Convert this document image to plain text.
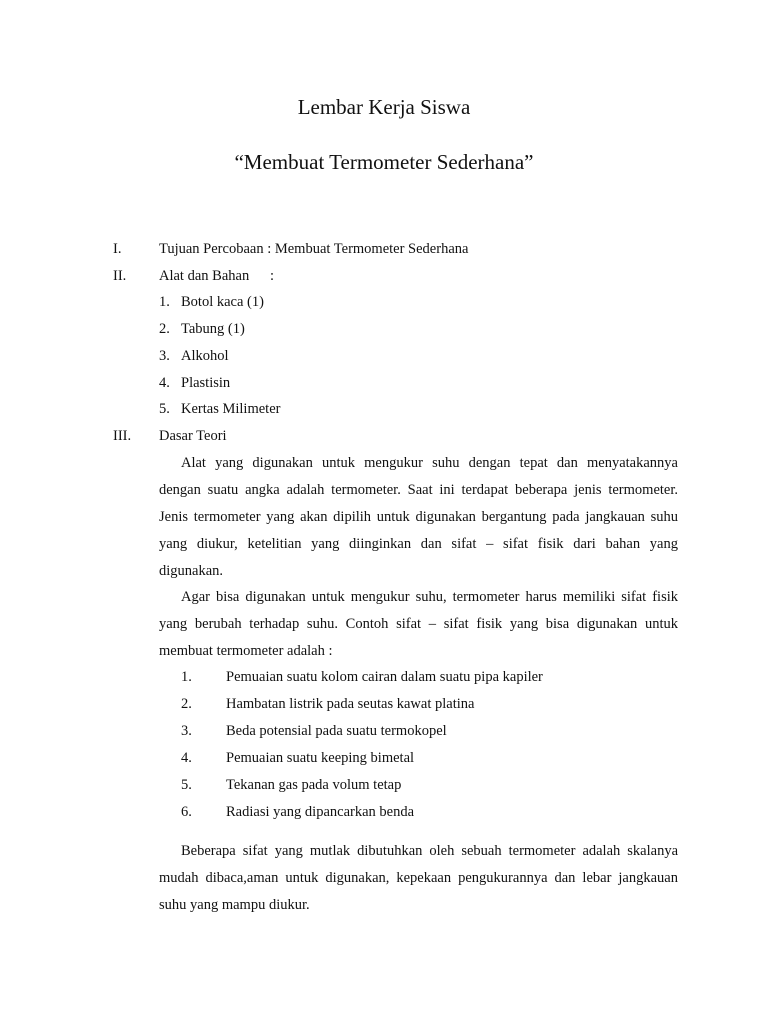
Lembar Kerja Siswa
“Membuat Termometer Sederhana”
I.	Tujuan Percobaan : Membuat Termometer Sederhana
II. Alat dan Bahan :
1. Botol kaca (1)
2. Tabung (1)
3. Alkohol
4. Plastisin
5. Kertas Milimeter
III. Dasar Teori
Alat yang digunakan untuk mengukur suhu dengan tepat dan menyatakannya
dengan suatu angka adalah termometer. Saat ini terdapat beberapa jenis termometer.
Jenis termometer yang akan dipilih untuk digunakan bergantung pada jangkauan suhu
yang diukur, ketelitian yang diinginkan dan sifat – sifat fisik dari bahan yang
digunakan.
Agar bisa digunakan untuk mengukur suhu, termometer harus memiliki sifat fisik
yang berubah terhadap suhu. Contoh sifat – sifat fisik yang bisa digunakan untuk
membuat termometer adalah :
1. Pemuaian suatu kolom cairan dalam suatu pipa kapiler
2. Hambatan listrik pada seutas kawat platina
3. Beda potensial pada suatu termokopel
4. Pemuaian suatu keeping bimetal
5. Tekanan gas pada volum tetap
6. Radiasi yang dipancarkan benda
Beberapa sifat yang mutlak dibutuhkan oleh sebuah termometer adalah skalanya
mudah dibaca,aman untuk digunakan, kepekaan pengukurannya dan lebar jangkauan
suhu yang mampu diukur.
